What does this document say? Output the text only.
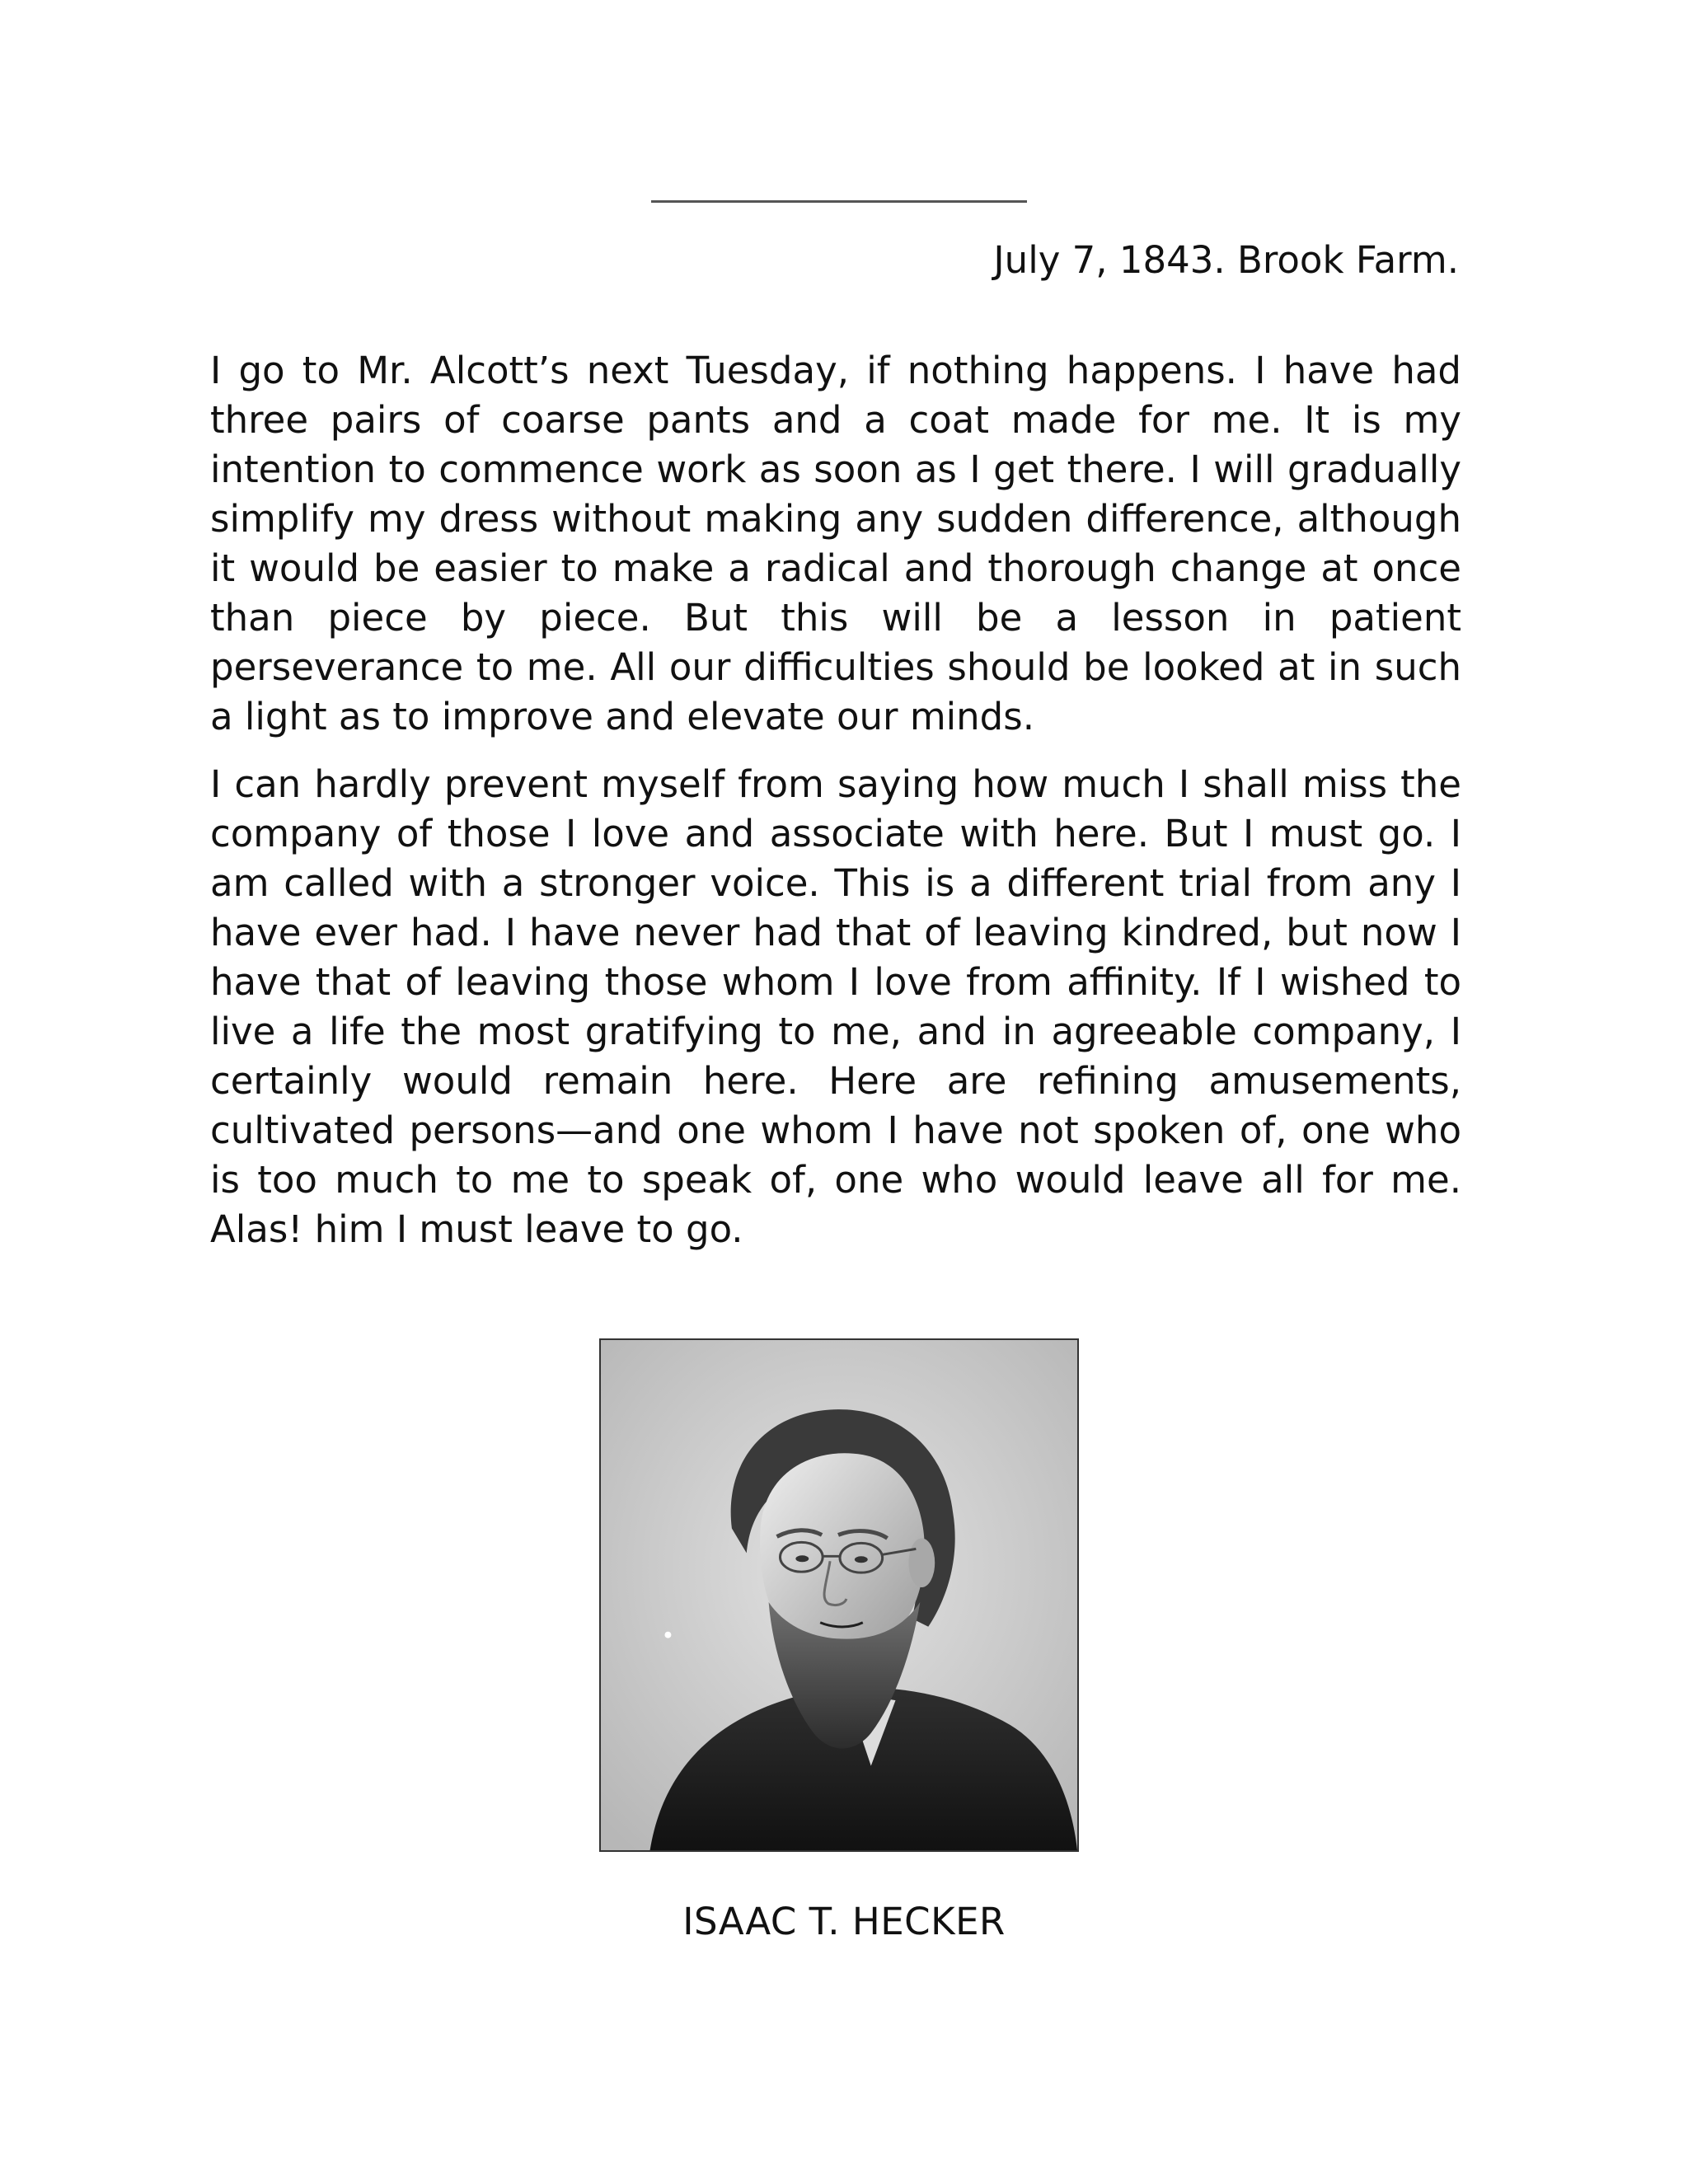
July 7, 1843. Brook Farm.

I go to Mr. Alcott’s next Tuesday, if nothing happens. I have had three pairs of coarse pants and a coat made for me. It is my intention to commence work as soon as I get there. I will gradually simplify my dress without making any sudden difference, although it would be easier to make a radical and thorough change at once than piece by piece. But this will be a lesson in patient perseverance to me. All our difficulties should be looked at in such a light as to improve and elevate our minds.

I can hardly prevent myself from saying how much I shall miss the company of those I love and associate with here. But I must go. I am called with a stronger voice. This is a different trial from any I have ever had. I have never had that of leaving kindred, but now I have that of leaving those whom I love from affinity. If I wished to live a life the most gratifying to me, and in agreeable company, I certainly would remain here. Here are refining amusements, cultivated persons—and one whom I have not spoken of, one who is too much to me to speak of, one who would leave all for me. Alas! him I must leave to go.

ISAAC T. HECKER
